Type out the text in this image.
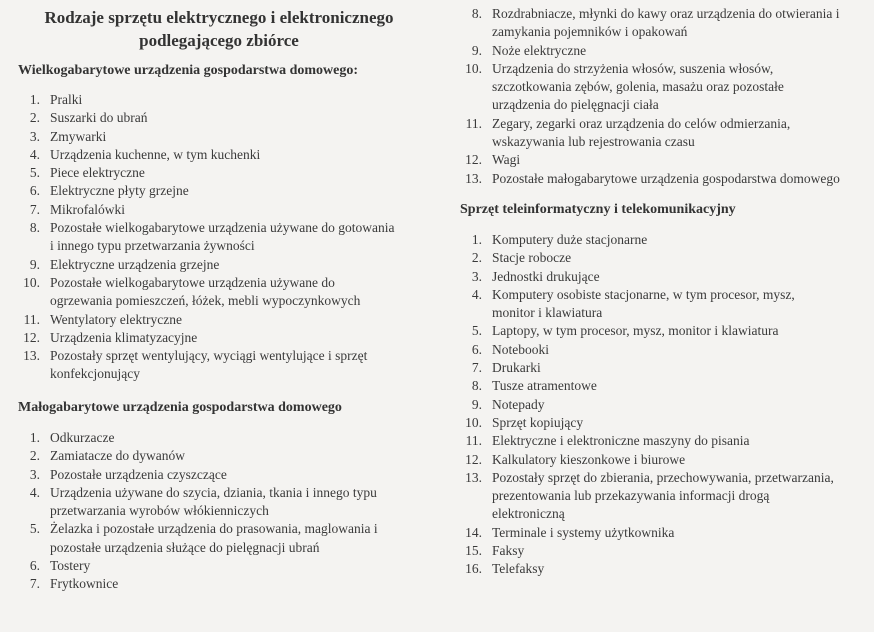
Rodzaje sprzętu elektrycznego i elektronicznego
podlegającego zbiórce
Wielkogabarytowe urządzenia gospodarstwa domowego:
1. Pralki
2. Suszarki do ubrań
3. Zmywarki
4. Urządzenia kuchenne, w tym kuchenki
5. Piece elektryczne
6. Elektryczne płyty grzejne
7. Mikrofalówki
8. Pozostałe wielkogabarytowe urządzenia używane do gotowania
i innego typu przetwarzania żywności
9. Elektryczne urządzenia grzejne
10. Pozostałe wielkogabarytowe urządzenia używane do
ogrzewania pomieszczeń, łóżek, mebli wypoczynkowych
11. Wentylatory elektryczne
12. Urządzenia klimatyzacyjne
13. Pozostały sprzęt wentylujący, wyciągi wentylujące i sprzęt
konfekcjonujący
Małogabarytowe urządzenia gospodarstwa domowego
1. Odkurzacze
2. Zamiatacze do dywanów
3. Pozostałe urządzenia czyszczące
4. Urządzenia używane do szycia, dziania, tkania i innego typu
przetwarzania wyrobów włókienniczych
5. Żelazka i pozostałe urządzenia do prasowania, maglowania i
pozostałe urządzenia służące do pielęgnacji ubrań
6. Tostery
7. Frytkownice
8. Rozdrabniacze, młynki do kawy oraz urządzenia do otwierania i
zamykania pojemników i opakowań
9. Noże elektryczne
10. Urządzenia do strzyżenia włosów, suszenia włosów,
szczotkowania zębów, golenia, masażu oraz pozostałe
urządzenia do pielęgnacji ciała
11. Zegary, zegarki oraz urządzenia do celów odmierzania,
wskazywania lub rejestrowania czasu
12. Wagi
13. Pozostałe małogabarytowe urządzenia gospodarstwa domowego
Sprzęt teleinformatyczny i telekomunikacyjny
1. Komputery duże stacjonarne
2. Stacje robocze
3. Jednostki drukujące
4. Komputery osobiste stacjonarne, w tym procesor, mysz,
monitor i klawiatura
5. Laptopy, w tym procesor, mysz, monitor i klawiatura
6. Notebooki
7. Drukarki
8. Tusze atramentowe
9. Notepady
10. Sprzęt kopiujący
11. Elektryczne i elektroniczne maszyny do pisania
12. Kalkulatory kieszonkowe i biurowe
13. Pozostały sprzęt do zbierania, przechowywania, przetwarzania,
prezentowania lub przekazywania informacji drogą
elektroniczną
14. Terminale i systemy użytkownika
15. Faksy
16. Telefaksy
